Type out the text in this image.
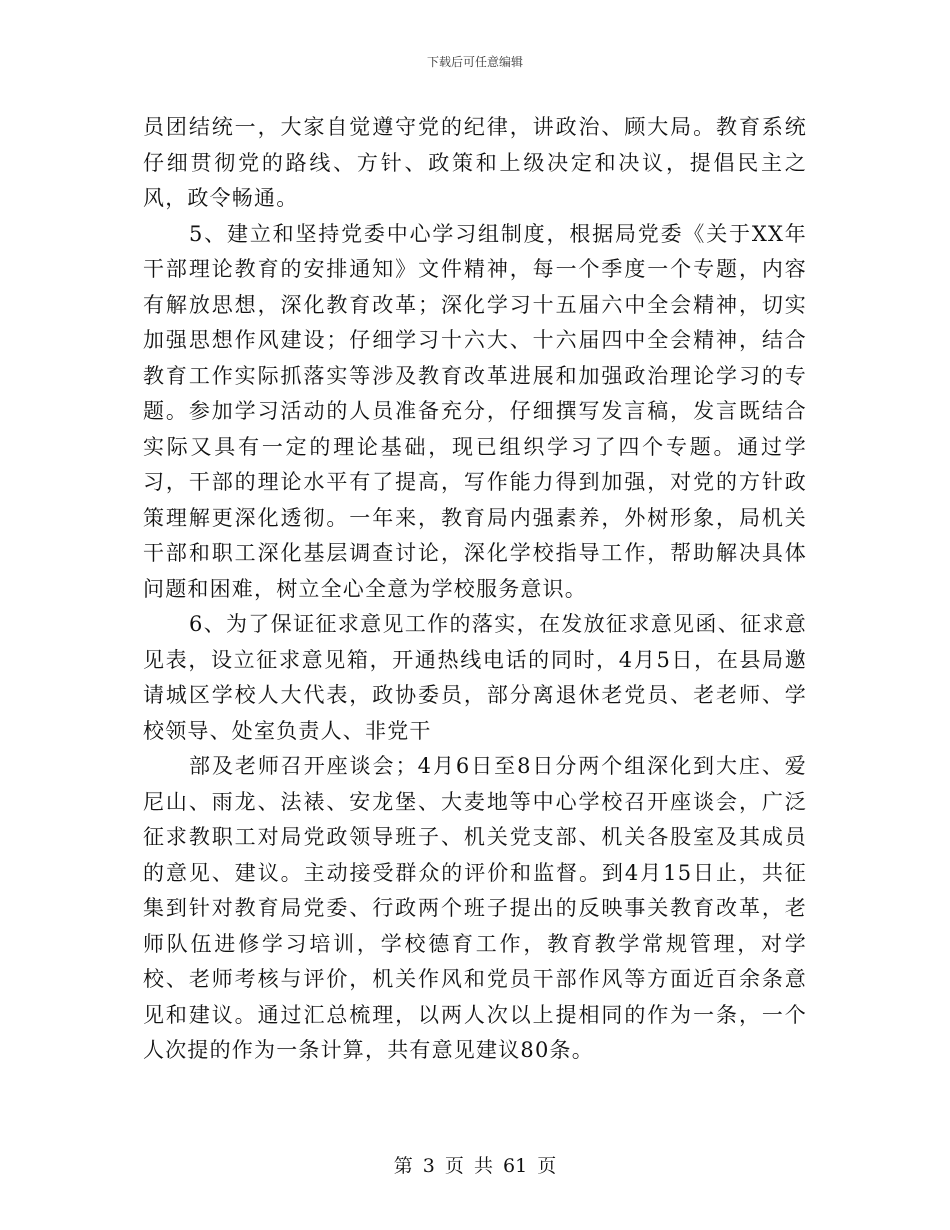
下载后可任意编辑

员团结统一，大家自觉遵守党的纪律，讲政治、顾大局。教育系统仔细贯彻党的路线、方针、政策和上级决定和决议，提倡民主之风，政令畅通。

5、建立和坚持党委中心学习组制度，根据局党委《关于XX年干部理论教育的安排通知》文件精神，每一个季度一个专题，内容有解放思想，深化教育改革；深化学习十五届六中全会精神，切实加强思想作风建设；仔细学习十六大、十六届四中全会精神，结合教育工作实际抓落实等涉及教育改革进展和加强政治理论学习的专题。参加学习活动的人员准备充分，仔细撰写发言稿，发言既结合实际又具有一定的理论基础，现已组织学习了四个专题。通过学习，干部的理论水平有了提高，写作能力得到加强，对党的方针政策理解更深化透彻。一年来，教育局内强素养，外树形象，局机关干部和职工深化基层调查讨论，深化学校指导工作，帮助解决具体问题和困难，树立全心全意为学校服务意识。

6、为了保证征求意见工作的落实，在发放征求意见函、征求意见表，设立征求意见箱，开通热线电话的同时，4月5日，在县局邀请城区学校人大代表，政协委员，部分离退休老党员、老老师、学校领导、处室负责人、非党干

部及老师召开座谈会；4月6日至8日分两个组深化到大庄、爱尼山、雨龙、法裱、安龙堡、大麦地等中心学校召开座谈会，广泛征求教职工对局党政领导班子、机关党支部、机关各股室及其成员的意见、建议。主动接受群众的评价和监督。到4月15日止，共征集到针对教育局党委、行政两个班子提出的反映事关教育改革，老师队伍进修学习培训，学校德育工作，教育教学常规管理，对学校、老师考核与评价，机关作风和党员干部作风等方面近百余条意见和建议。通过汇总梳理，以两人次以上提相同的作为一条，一个人次提的作为一条计算，共有意见建议80条。

第 3 页 共 61 页
